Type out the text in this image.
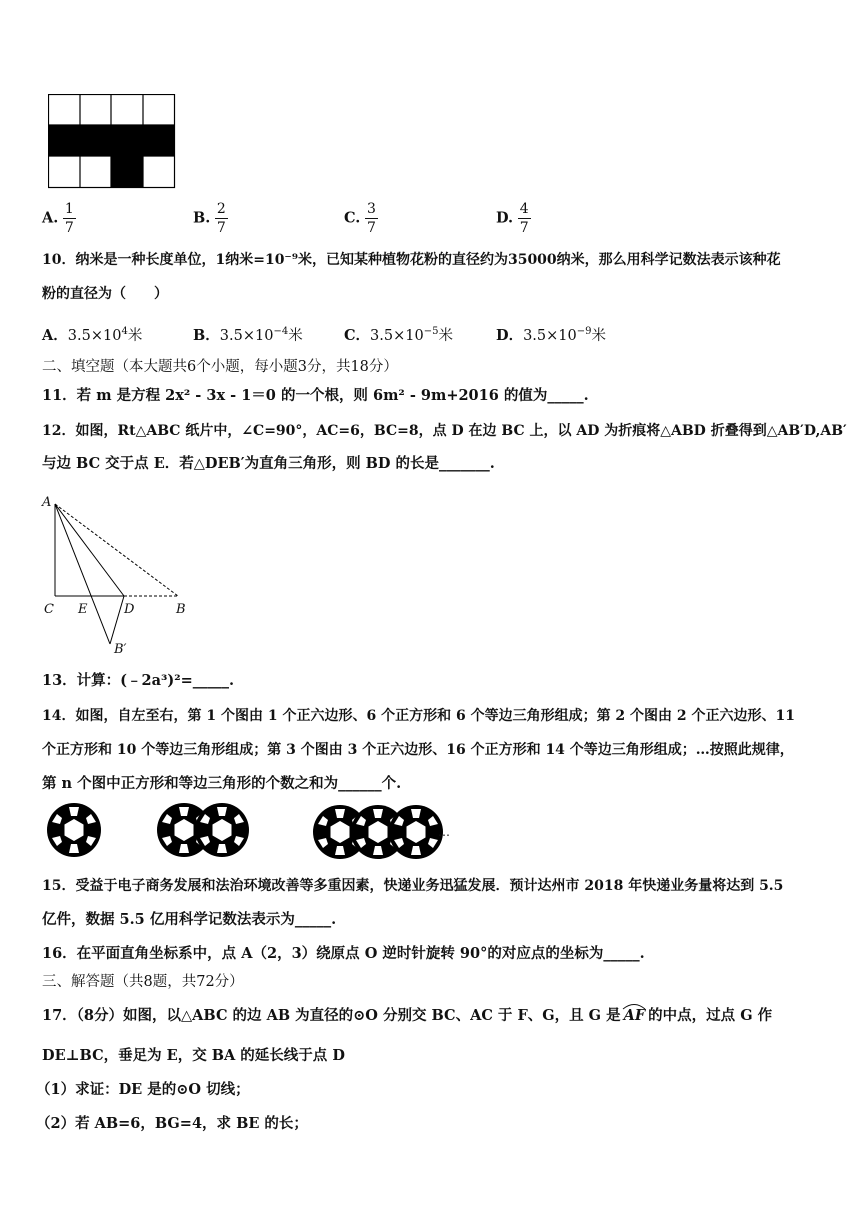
A. $\frac{1}{7}$	B. $\frac{2}{7}$	C. $\frac{3}{7}$	D. $\frac{4}{7}$
10．纳米是一种长度单位，1纳米=10⁻⁹米，已知某种植物花粉的直径约为35000纳米，那么用科学记数法表示该种花
粉的直径为（　　）
A．$3.5\times 10^4$米	B．$3.5\times 10^{-4}$米	C．$3.5\times 10^{-5}$米	D．$3.5\times 10^{-9}$米
二、填空题（本大题共6个小题，每小题3分，共18分）
11．若 m 是方程 2x² - 3x - 1＝0 的一个根，则 6m² - 9m+2016 的值为_____.
12．如图，Rt△ABC 纸片中，∠C=90°，AC=6，BC=8，点 D 在边 BC 上，以 AD 为折痕将△ABD 折叠得到△AB′D,AB′
与边 BC 交于点 E．若△DEB′为直角三角形，则 BD 的长是_______.
A
C E	D	B
B′
13．计算：(﹣2a³)²=_____.
14．如图，自左至右，第 1 个图由 1 个正六边形、6 个正方形和 6 个等边三角形组成；第 2 个图由 2 个正六边形、11
个正方形和 10 个等边三角形组成；第 3 个图由 3 个正六边形、16 个正方形和 14 个等边三角形组成；…按照此规律，
第 n 个图中正方形和等边三角形的个数之和为______个.
…
15．受益于电子商务发展和法治环境改善等多重因素，快递业务迅猛发展．预计达州市 2018 年快递业务量将达到 5.5
亿件，数据 5.5 亿用科学记数法表示为_____.
16．在平面直角坐标系中，点 A（2，3）绕原点 O 逆时针旋转 90°的对应点的坐标为_____.
三、解答题（共8题，共72分）
17．（8分）如图，以△ABC 的边 AB 为直径的⊙O 分别交 BC、AC 于 F、G，且 G 是 AF 的中点，过点 G 作
DE⊥BC，垂足为 E，交 BA 的延长线于点 D
（1）求证：DE 是的⊙O 切线；
（2）若 AB=6，BG=4，求 BE 的长；
